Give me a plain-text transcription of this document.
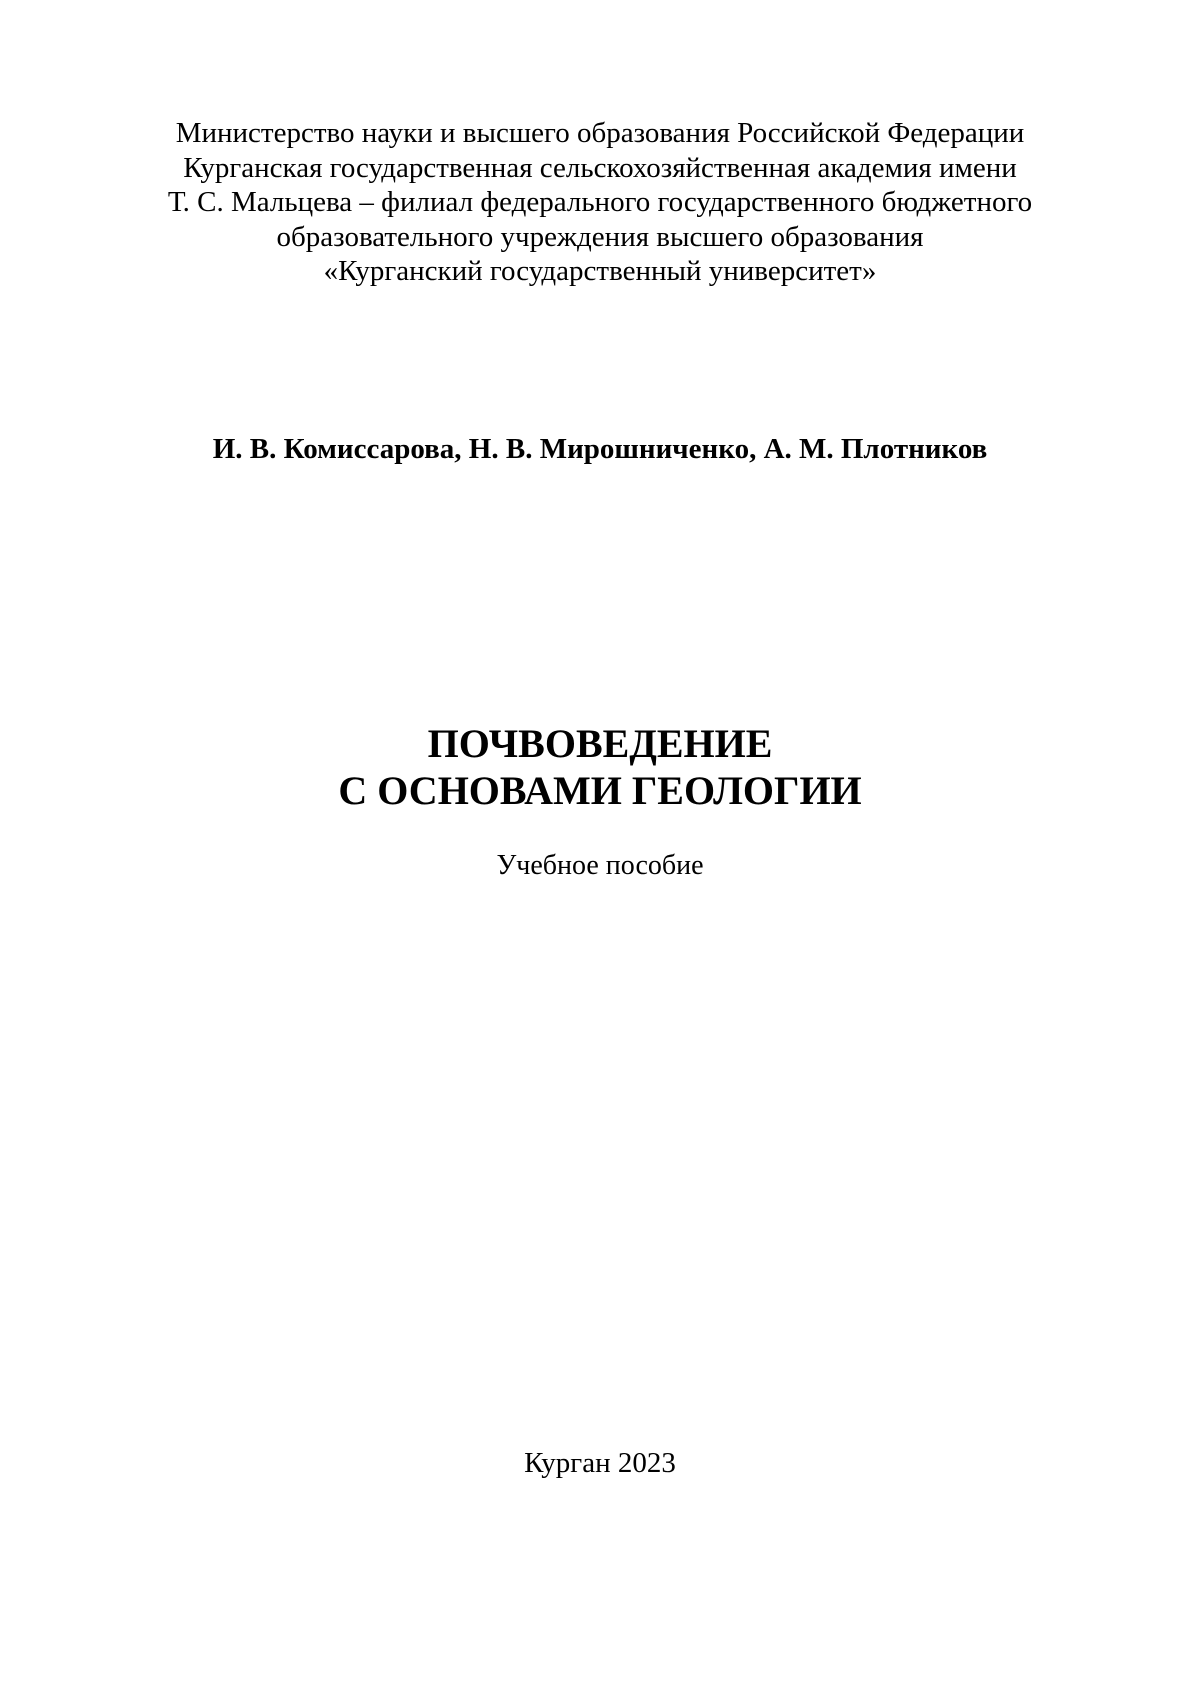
Министерство науки и высшего образования Российской Федерации
Курганская государственная сельскохозяйственная академия имени
Т. С. Мальцева – филиал федерального государственного бюджетного
образовательного учреждения высшего образования
«Курганский государственный университет»
И. В. Комиссарова, Н. В. Мирошниченко, А. М. Плотников
ПОЧВОВЕДЕНИЕ
С ОСНОВАМИ ГЕОЛОГИИ
Учебное пособие
Курган 2023
